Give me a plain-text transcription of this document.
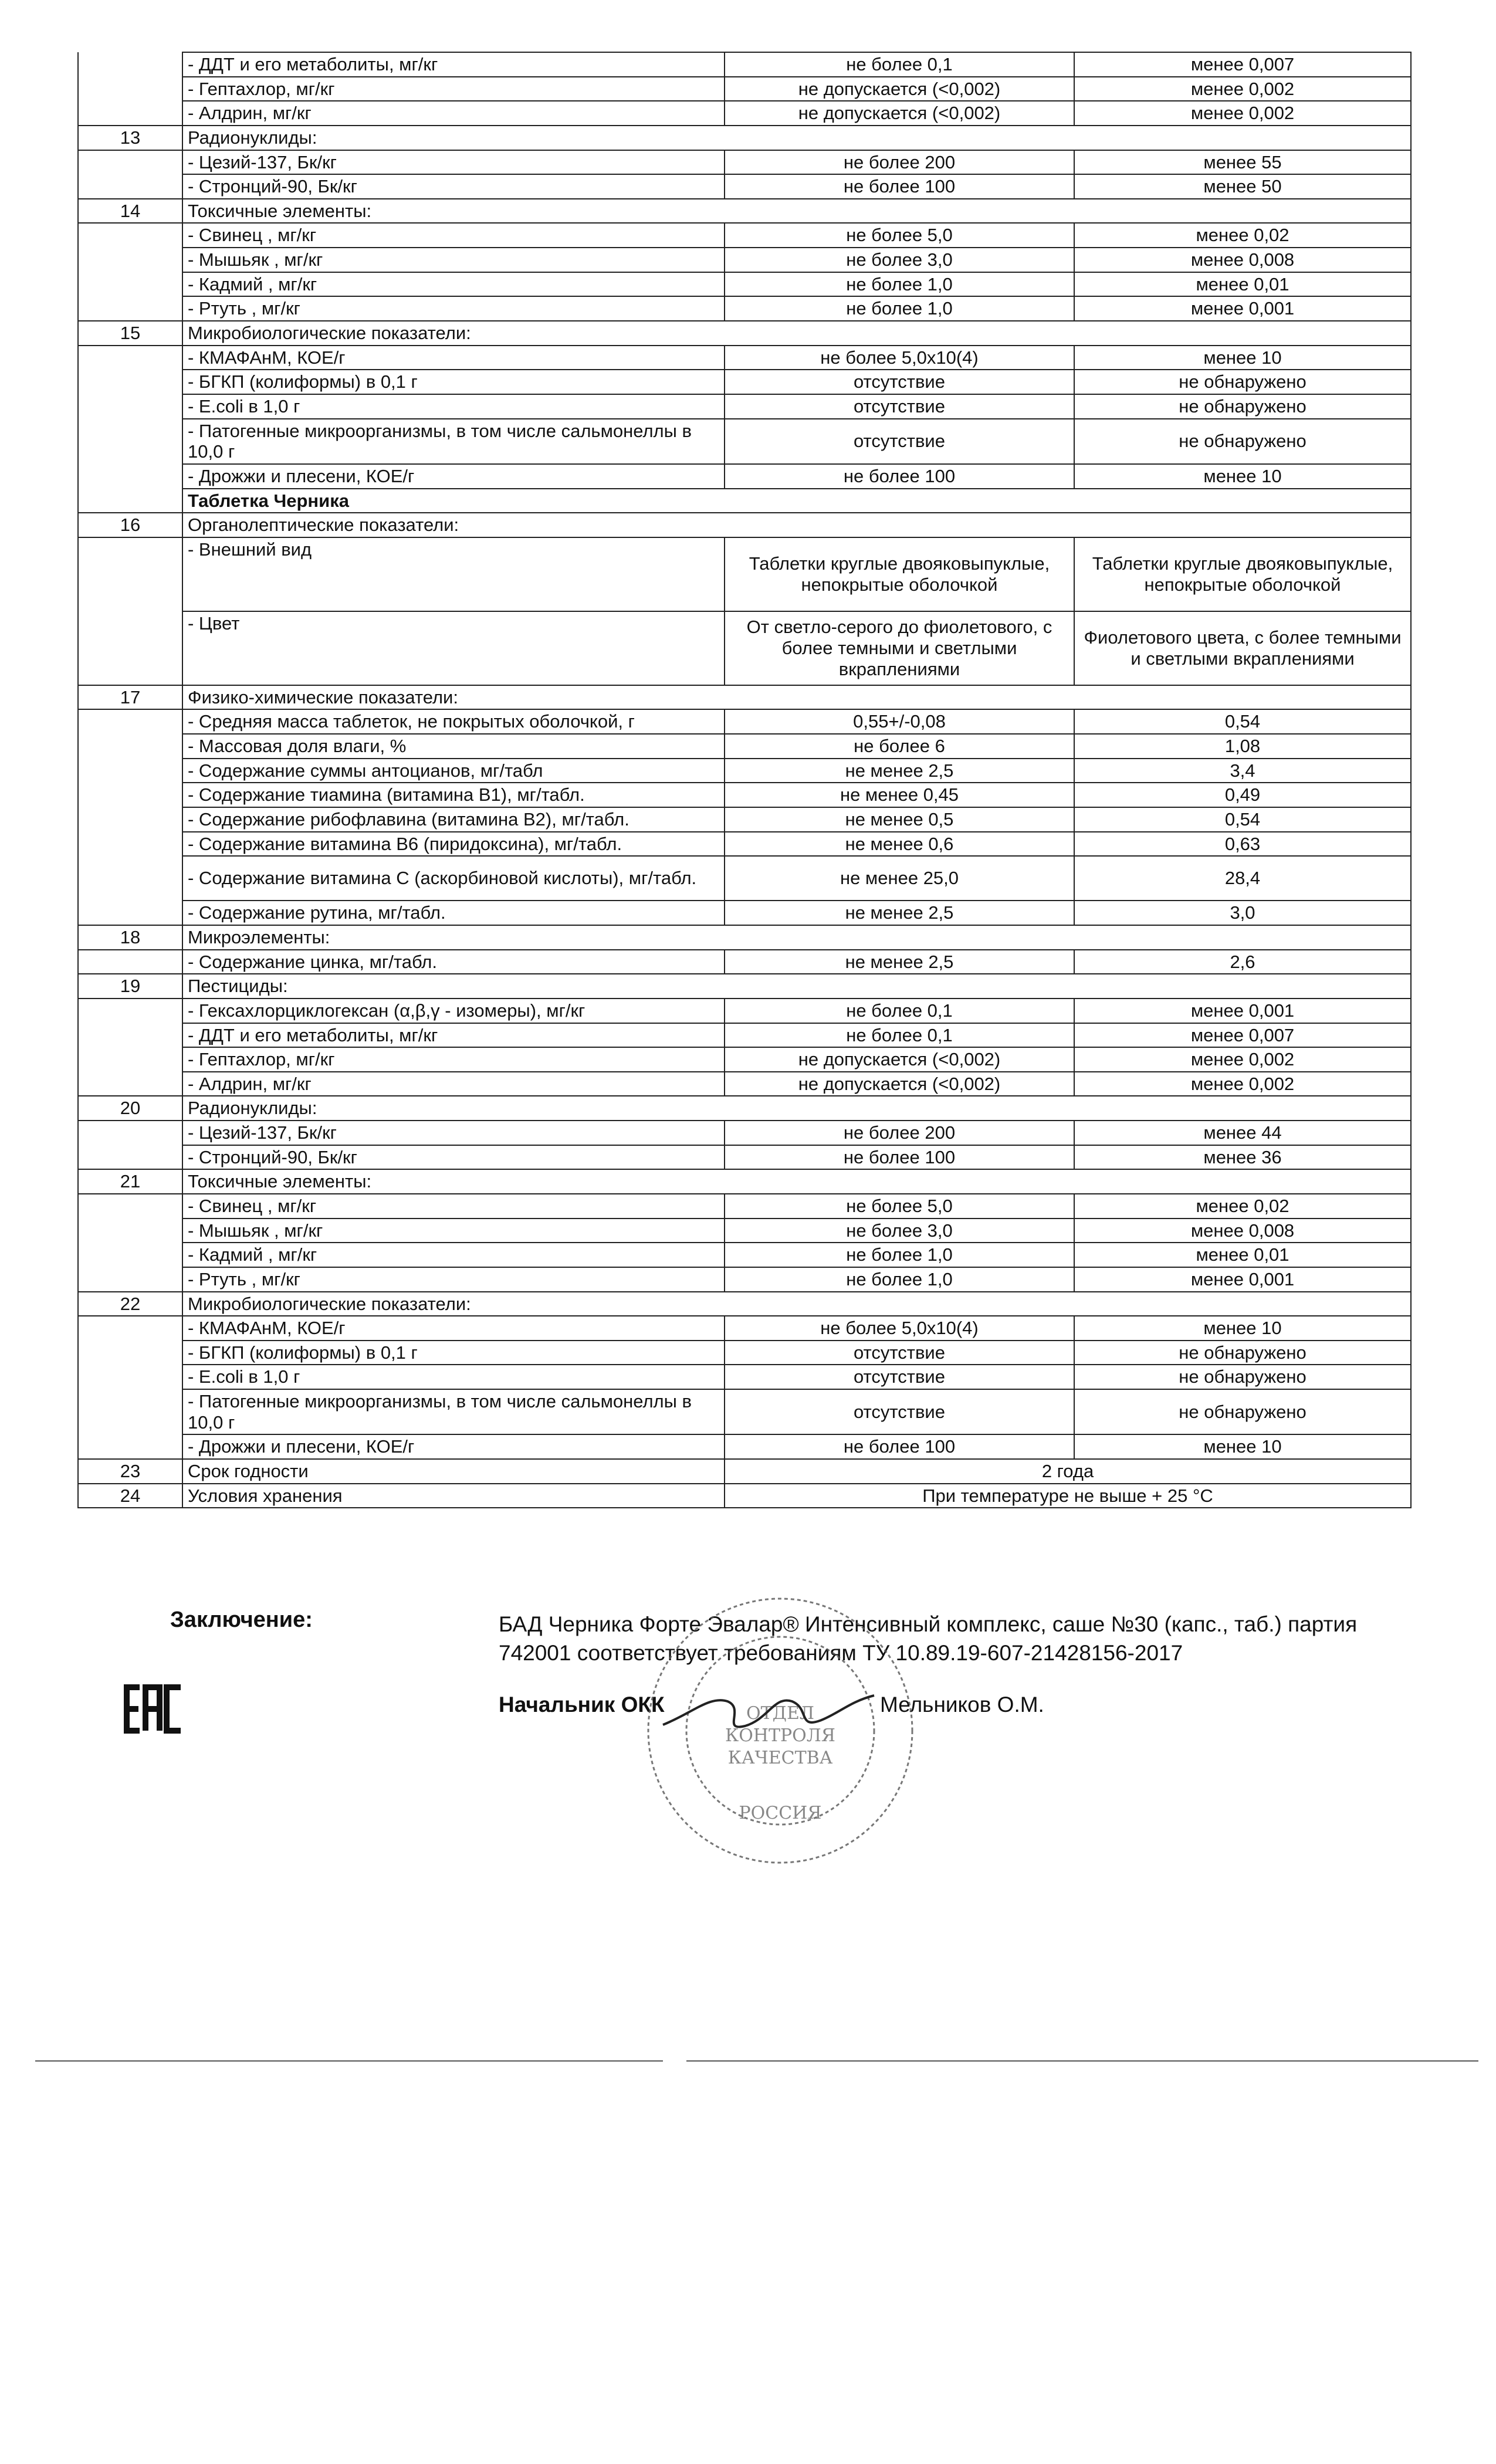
	- ДДТ и его метаболиты, мг/кг	не более 0,1	менее 0,007
	- Гептахлор, мг/кг	не допускается (<0,002)	менее 0,002
	- Алдрин, мг/кг	не допускается (<0,002)	менее 0,002
13	Радионуклиды:		
	- Цезий-137, Бк/кг	не более 200	менее 55
	- Стронций-90, Бк/кг	не более 100	менее 50
14	Токсичные элементы:		
	- Свинец , мг/кг	не более 5,0	менее 0,02
	- Мышьяк , мг/кг	не более 3,0	менее 0,008
	- Кадмий , мг/кг	не более 1,0	менее 0,01
	- Ртуть , мг/кг	не более 1,0	менее 0,001
15	Микробиологические показатели:		
	- КМАФАнМ, КОЕ/г	не более 5,0x10(4)	менее 10
	- БГКП (колиформы) в 0,1 г	отсутствие	не обнаружено
	- E.coli в 1,0 г	отсутствие	не обнаружено
	- Патогенные микроорганизмы, в том числе сальмонеллы в 10,0 г	отсутствие	не обнаружено
	- Дрожжи и плесени, КОЕ/г	не более 100	менее 10
	Таблетка Черника		
16	Органолептические показатели:		
	- Внешний вид	Таблетки круглые двояковыпуклые, непокрытые оболочкой	Таблетки круглые двояковыпуклые, непокрытые оболочкой
	- Цвет	От светло-серого до фиолетового, с более темными и светлыми вкраплениями	Фиолетового цвета, с более темными и светлыми вкраплениями
17	Физико-химические показатели:		
	- Средняя масса таблеток, не покрытых оболочкой, г	0,55+/-0,08	0,54
	- Массовая доля влаги, %	не более 6	1,08
	- Содержание суммы антоцианов, мг/табл	не менее 2,5	3,4
	- Содержание тиамина (витамина В1), мг/табл.	не менее 0,45	0,49
	- Содержание рибофлавина (витамина В2), мг/табл.	не менее 0,5	0,54
	- Содержание витамина В6 (пиридоксина), мг/табл.	не менее 0,6	0,63
	- Содержание витамина С (аскорбиновой кислоты), мг/табл.	не менее 25,0	28,4
	- Содержание рутина, мг/табл.	не менее 2,5	3,0
18	Микроэлементы:		
	- Содержание цинка, мг/табл.	не менее 2,5	2,6
19	Пестициды:		
	- Гексахлорциклогексан (α,β,γ - изомеры), мг/кг	не более 0,1	менее 0,001
	- ДДТ и его метаболиты, мг/кг	не более 0,1	менее 0,007
	- Гептахлор, мг/кг	не допускается (<0,002)	менее 0,002
	- Алдрин, мг/кг	не допускается (<0,002)	менее 0,002
20	Радионуклиды:		
	- Цезий-137, Бк/кг	не более 200	менее 44
	- Стронций-90, Бк/кг	не более 100	менее 36
21	Токсичные элементы:		
	- Свинец , мг/кг	не более 5,0	менее 0,02
	- Мышьяк , мг/кг	не более 3,0	менее 0,008
	- Кадмий , мг/кг	не более 1,0	менее 0,01
	- Ртуть , мг/кг	не более 1,0	менее 0,001
22	Микробиологические показатели:		
	- КМАФАнМ, КОЕ/г	не более 5,0x10(4)	менее 10
	- БГКП (колиформы) в 0,1 г	отсутствие	не обнаружено
	- E.coli в 1,0 г	отсутствие	не обнаружено
	- Патогенные микроорганизмы, в том числе сальмонеллы в 10,0 г	отсутствие	не обнаружено
	- Дрожжи и плесени, КОЕ/г	не более 100	менее 10
23	Срок годности	2 года	
24	Условия хранения	При температуре не выше + 25 °С	
Заключение:	БАД Черника Форте Эвалар® Интенсивный комплекс, саше №30 (капс., таб.) партия 742001 соответствует требованиям ТУ 10.89.19-607-21428156-2017
Начальник ОКК	Мельников О.М.
ОТДЕЛ
КОНТРОЛЯ
КАЧЕСТВА
РОССИЯ
